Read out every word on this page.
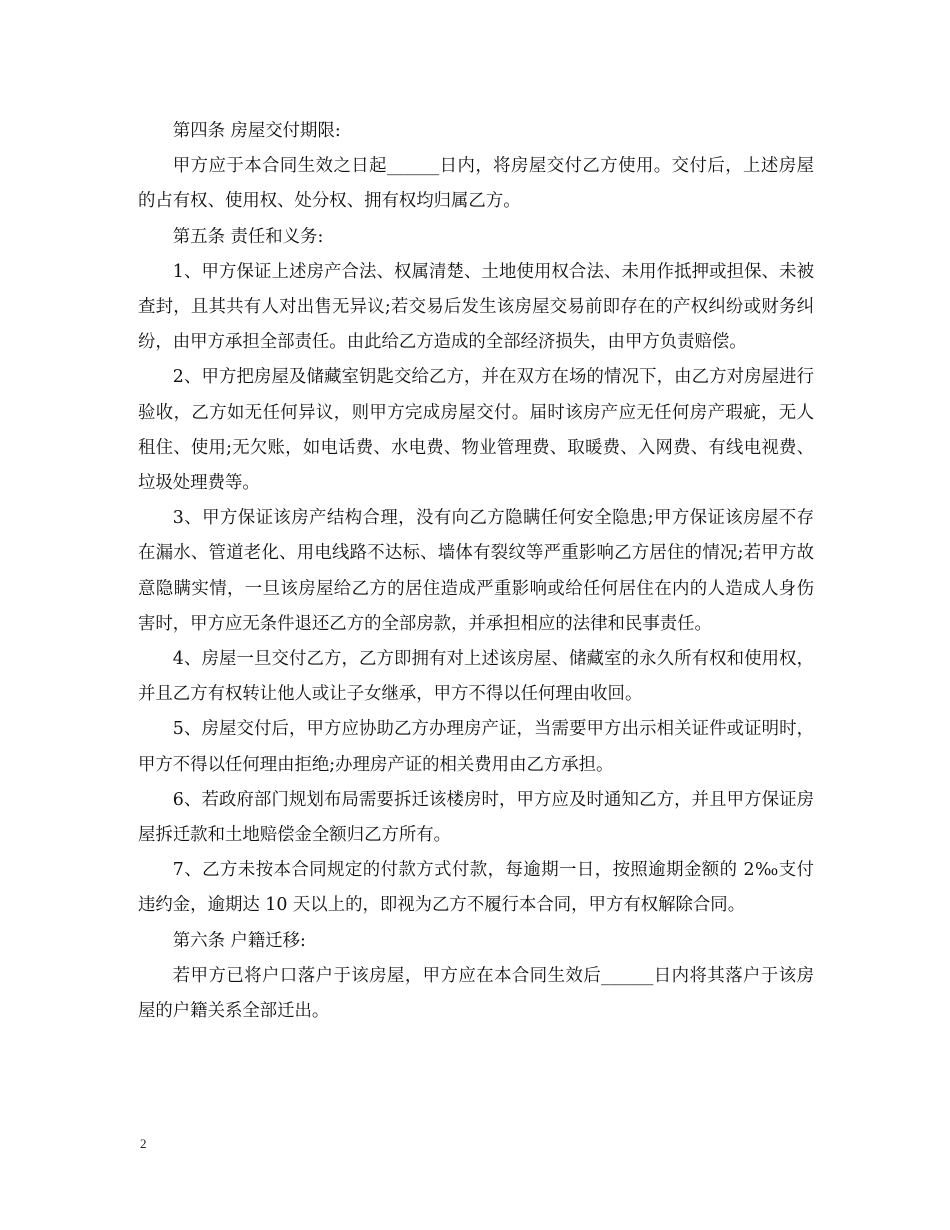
第四条 房屋交付期限:

甲方应于本合同生效之日起______日内，将房屋交付乙方使用。交付后，上述房屋的占有权、使用权、处分权、拥有权均归属乙方。

第五条 责任和义务:

1、甲方保证上述房产合法、权属清楚、土地使用权合法、未用作抵押或担保、未被查封，且其共有人对出售无异议;若交易后发生该房屋交易前即存在的产权纠纷或财务纠纷，由甲方承担全部责任。由此给乙方造成的全部经济损失，由甲方负责赔偿。

2、甲方把房屋及储藏室钥匙交给乙方，并在双方在场的情况下，由乙方对房屋进行验收，乙方如无任何异议，则甲方完成房屋交付。届时该房产应无任何房产瑕疵，无人租住、使用;无欠账，如电话费、水电费、物业管理费、取暖费、入网费、有线电视费、垃圾处理费等。

3、甲方保证该房产结构合理，没有向乙方隐瞒任何安全隐患;甲方保证该房屋不存在漏水、管道老化、用电线路不达标、墙体有裂纹等严重影响乙方居住的情况;若甲方故意隐瞒实情，一旦该房屋给乙方的居住造成严重影响或给任何居住在内的人造成人身伤害时，甲方应无条件退还乙方的全部房款，并承担相应的法律和民事责任。

4、房屋一旦交付乙方，乙方即拥有对上述该房屋、储藏室的永久所有权和使用权，并且乙方有权转让他人或让子女继承，甲方不得以任何理由收回。

5、房屋交付后，甲方应协助乙方办理房产证，当需要甲方出示相关证件或证明时，甲方不得以任何理由拒绝;办理房产证的相关费用由乙方承担。

6、若政府部门规划布局需要拆迁该楼房时，甲方应及时通知乙方，并且甲方保证房屋拆迁款和土地赔偿金全额归乙方所有。

7、乙方未按本合同规定的付款方式付款，每逾期一日，按照逾期金额的 2‰支付违约金，逾期达 10 天以上的，即视为乙方不履行本合同，甲方有权解除合同。

第六条 户籍迁移:

若甲方已将户口落户于该房屋，甲方应在本合同生效后______日内将其落户于该房屋的户籍关系全部迁出。

2
